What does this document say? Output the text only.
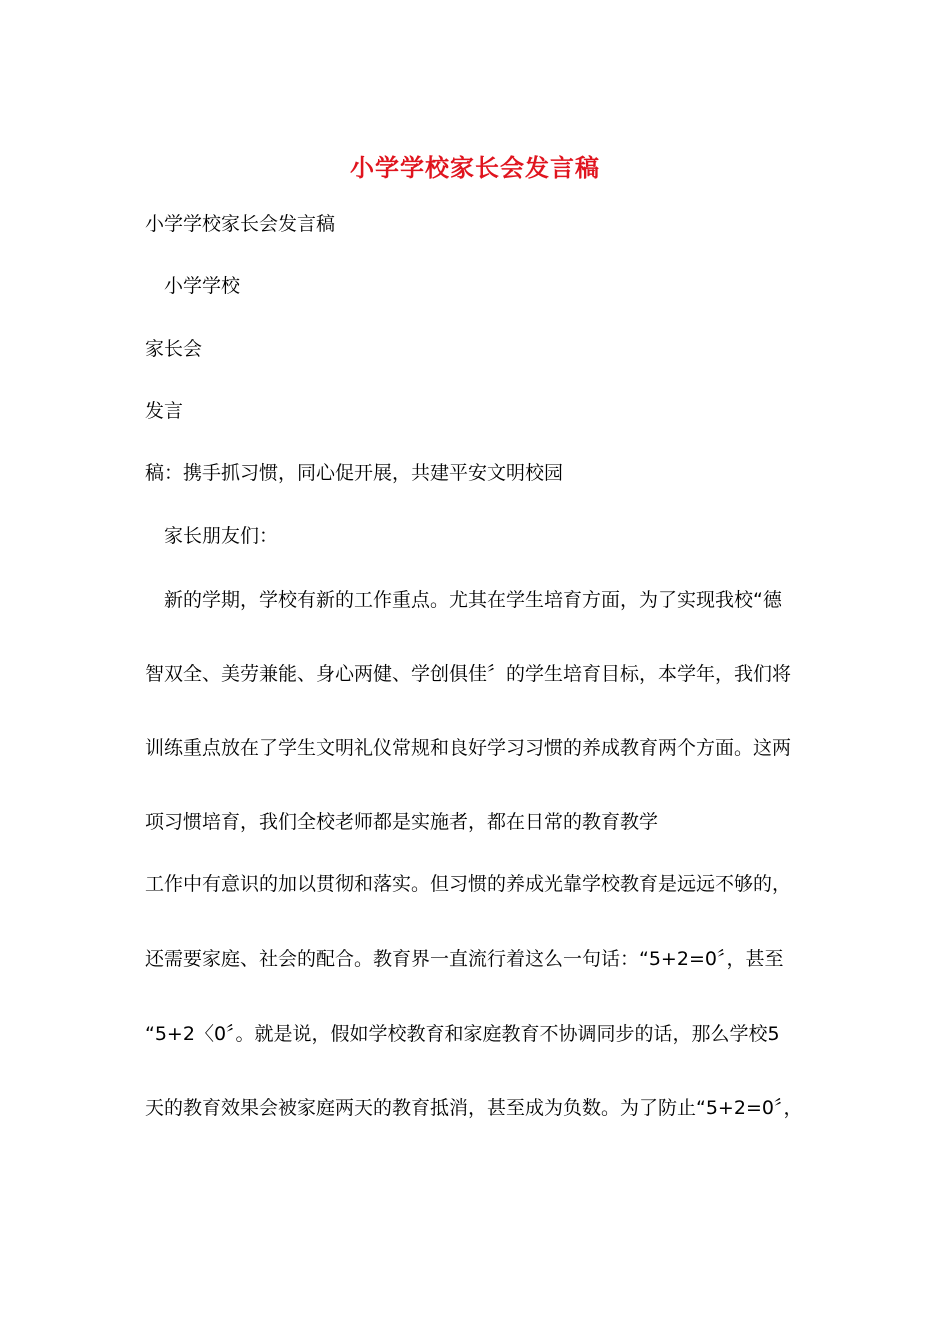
小学学校家长会发言稿
小学学校家长会发言稿
小学学校
家长会
发言
稿：携手抓习惯，同心促开展，共建平安文明校园
家长朋友们：
新的学期，学校有新的工作重点。尤其在学生培育方面，为了实现我校“德
智双全、美劳兼能、身心两健、学创俱佳〞的学生培育目标，本学年，我们将
训练重点放在了学生文明礼仪常规和良好学习习惯的养成教育两个方面。这两
项习惯培育，我们全校老师都是实施者，都在日常的教育教学
工作中有意识的加以贯彻和落实。但习惯的养成光靠学校教育是远远不够的，
还需要家庭、社会的配合。教育界一直流行着这么一句话：“5+2=0〞，甚至
“5+2〈0〞。就是说，假如学校教育和家庭教育不协调同步的话，那么学校5
天的教育效果会被家庭两天的教育抵消，甚至成为负数。为了防止“5+2=0〞，
